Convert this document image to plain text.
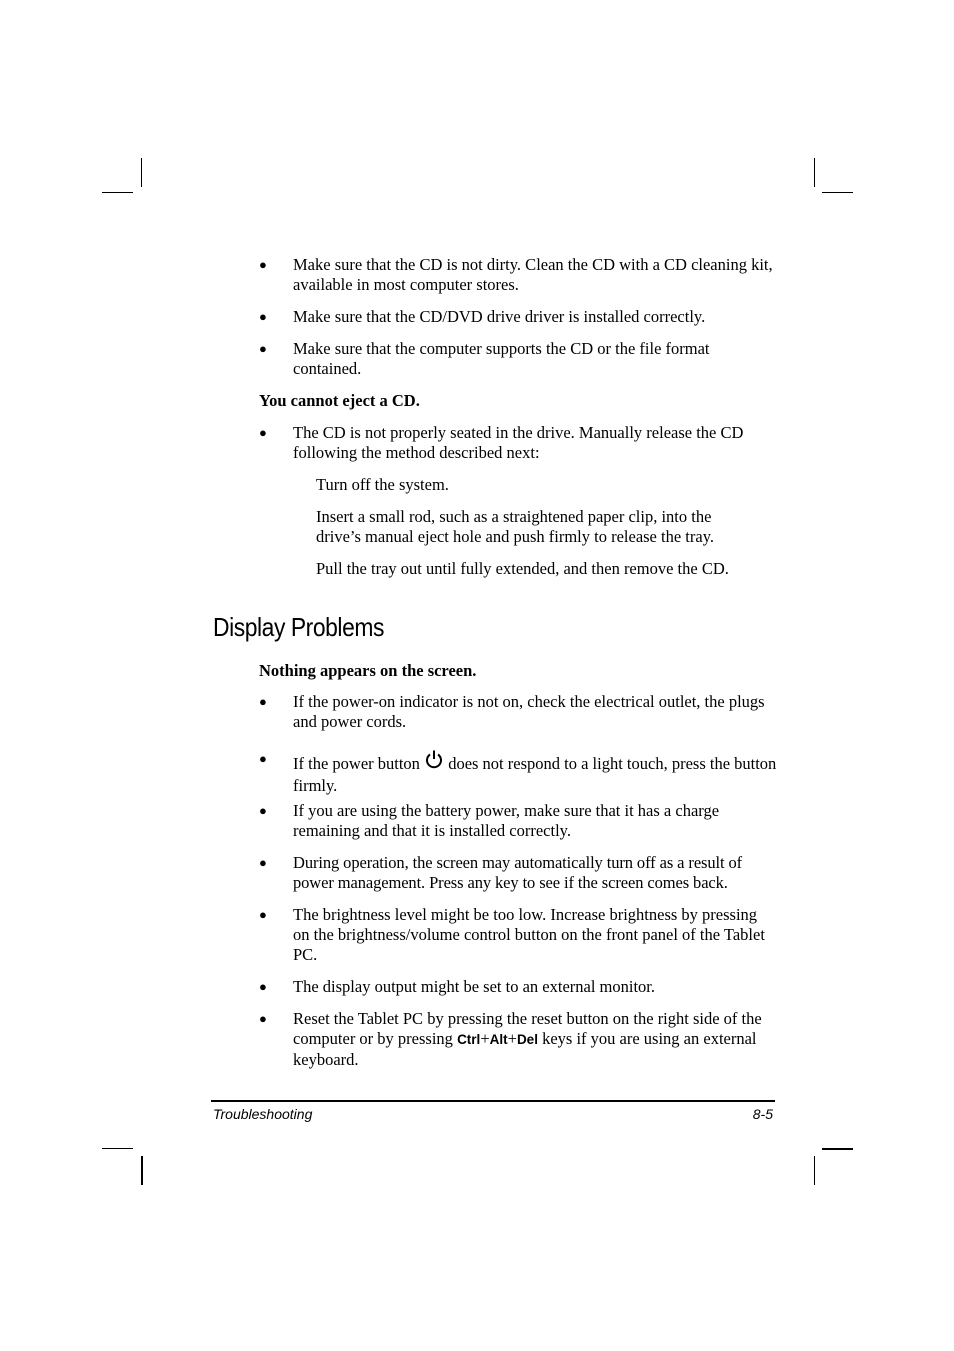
● Make sure that the CD is not dirty. Clean the CD with a CD cleaning kit, available in most computer stores.

● Make sure that the CD/DVD drive driver is installed correctly.

● Make sure that the computer supports the CD or the file format contained.

You cannot eject a CD.

● The CD is not properly seated in the drive. Manually release the CD following the method described next:

Turn off the system.

Insert a small rod, such as a straightened paper clip, into the drive’s manual eject hole and push firmly to release the tray.

Pull the tray out until fully extended, and then remove the CD.

Display Problems

Nothing appears on the screen.

● If the power-on indicator is not on, check the electrical outlet, the plugs and power cords.

● If the power button does not respond to a light touch, press the button firmly.

● If you are using the battery power, make sure that it has a charge remaining and that it is installed correctly.

● During operation, the screen may automatically turn off as a result of power management. Press any key to see if the screen comes back.

● The brightness level might be too low. Increase brightness by pressing on the brightness/volume control button on the front panel of the Tablet PC.

● The display output might be set to an external monitor.

● Reset the Tablet PC by pressing the reset button on the right side of the computer or by pressing Ctrl+Alt+Del keys if you are using an external keyboard.

Troubleshooting	8-5
